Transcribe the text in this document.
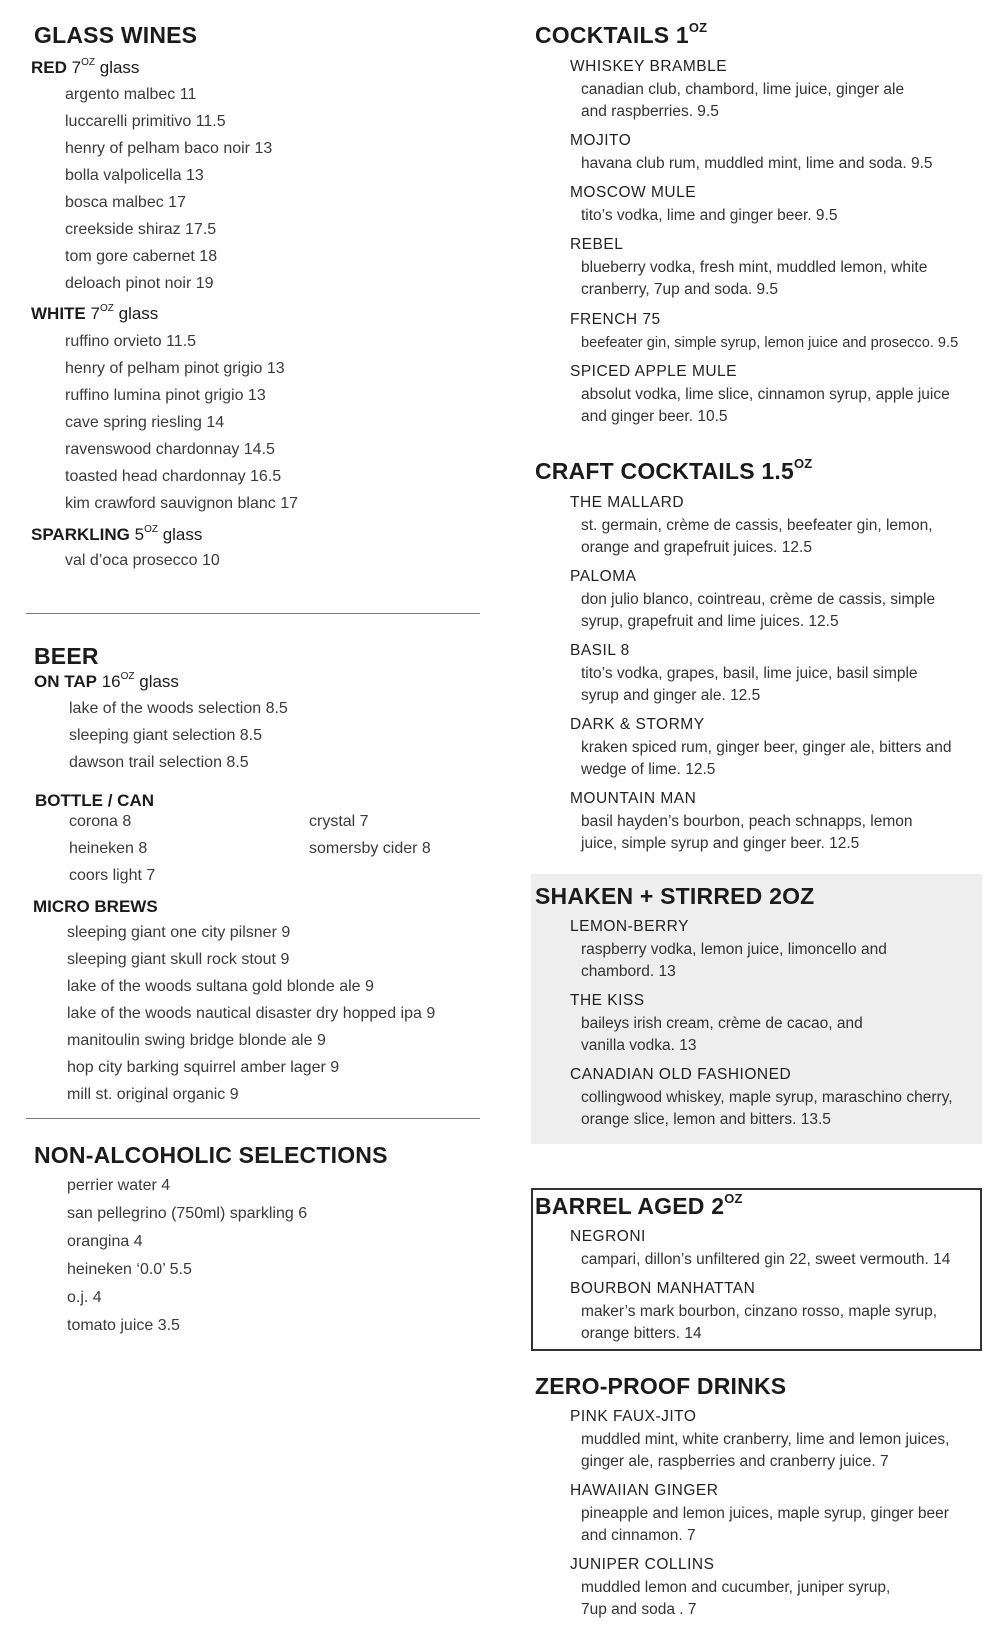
GLASS WINES
RED $7^{OZ}$ glass
argento malbec 11
luccarelli primitivo 11.5
henry of pelham baco noir 13
bolla valpolicella 13
bosca malbec 17
creekside shiraz 17.5
tom gore cabernet 18
deloach pinot noir 19
WHITE $7^{OZ}$ glass
ruffino orvieto 11.5
henry of pelham pinot grigio 13
ruffino lumina pinot grigio 13
cave spring riesling 14
ravenswood chardonnay 14.5
toasted head chardonnay 16.5
kim crawford sauvignon blanc 17
SPARKLING $5^{OZ}$ glass
val d’oca prosecco 10
BEER
ON TAP $16^{OZ}$ glass
lake of the woods selection 8.5
sleeping giant selection 8.5
dawson trail selection 8.5
BOTTLE / CAN
corona 8
heineken 8
coors light 7
crystal 7
somersby cider 8
MICRO BREWS
sleeping giant one city pilsner 9
sleeping giant skull rock stout 9
lake of the woods sultana gold blonde ale 9
lake of the woods nautical disaster dry hopped ipa 9
manitoulin swing bridge blonde ale 9
hop city barking squirrel amber lager 9
mill st. original organic 9
NON-ALCOHOLIC SELECTIONS
perrier water 4
san pellegrino (750ml) sparkling 6
orangina 4
heineken ‘0.0’ 5.5
o.j. 4
tomato juice 3.5
COCKTAILS $1^{OZ}$
WHISKEY BRAMBLE
canadian club, chambord, lime juice, ginger ale
and raspberries. 9.5
MOJITO
havana club rum, muddled mint, lime and soda. 9.5
MOSCOW MULE
tito’s vodka, lime and ginger beer. 9.5
REBEL
blueberry vodka, fresh mint, muddled lemon, white
cranberry, 7up and soda. 9.5
FRENCH 75
beefeater gin, simple syrup, lemon juice and prosecco. 9.5
SPICED APPLE MULE
absolut vodka, lime slice, cinnamon syrup, apple juice
and ginger beer. 10.5
CRAFT COCKTAILS $1.5^{OZ}$
THE MALLARD
st. germain, crème de cassis, beefeater gin, lemon,
orange and grapefruit juices. 12.5
PALOMA
don julio blanco, cointreau, crème de cassis, simple
syrup, grapefruit and lime juices. 12.5
BASIL 8
tito’s vodka, grapes, basil, lime juice, basil simple
syrup and ginger ale. 12.5
DARK & STORMY
kraken spiced rum, ginger beer, ginger ale, bitters and
wedge of lime. 12.5
MOUNTAIN MAN
basil hayden’s bourbon, peach schnapps, lemon
juice, simple syrup and ginger beer. 12.5
SHAKEN + STIRRED 2OZ
LEMON-BERRY
raspberry vodka, lemon juice, limoncello and
chambord. 13
THE KISS
baileys irish cream, crème de cacao, and
vanilla vodka. 13
CANADIAN OLD FASHIONED
collingwood whiskey, maple syrup, maraschino cherry,
orange slice, lemon and bitters. 13.5
BARREL AGED $2^{OZ}$
NEGRONI
campari, dillon’s unfiltered gin 22, sweet vermouth. 14
BOURBON MANHATTAN
maker’s mark bourbon, cinzano rosso, maple syrup,
orange bitters. 14
ZERO-PROOF DRINKS
PINK FAUX-JITO
muddled mint, white cranberry, lime and lemon juices,
ginger ale, raspberries and cranberry juice. 7
HAWAIIAN GINGER
pineapple and lemon juices, maple syrup, ginger beer
and cinnamon. 7
JUNIPER COLLINS
muddled lemon and cucumber, juniper syrup,
7up and soda . 7
